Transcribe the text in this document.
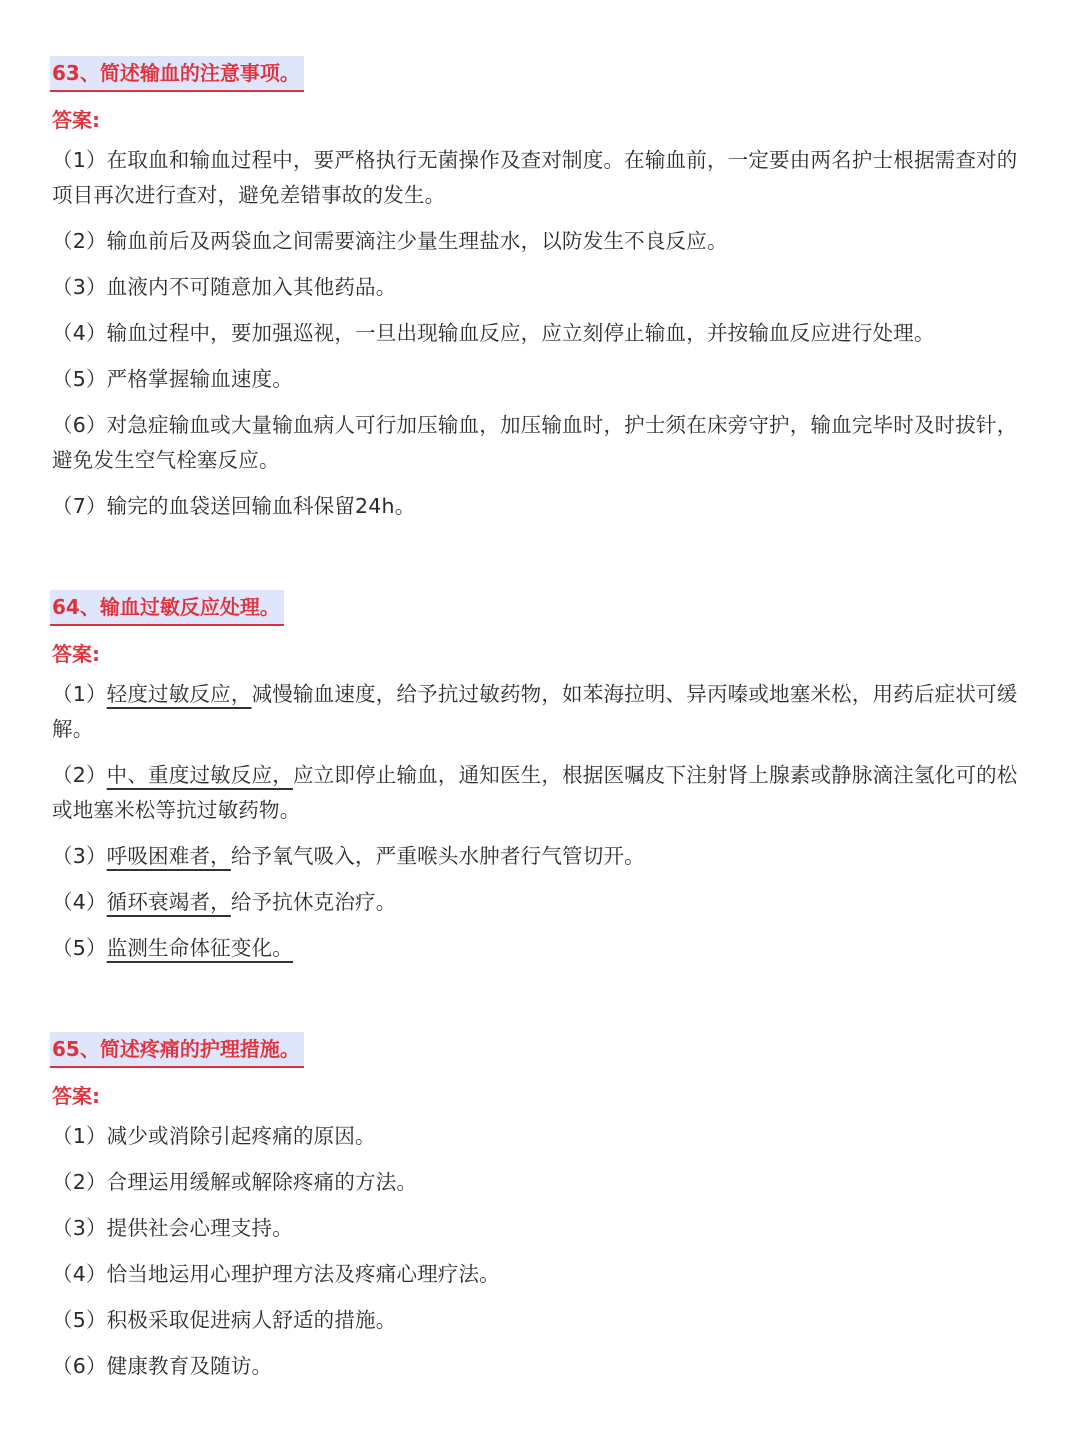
63、简述输血的注意事项。
答案:
（1）在取血和输血过程中，要严格执行无菌操作及查对制度。在输血前，一定要由两名护士根据需查对的项目再次进行查对，避免差错事故的发生。
（2）输血前后及两袋血之间需要滴注少量生理盐水，以防发生不良反应。
（3）血液内不可随意加入其他药品。
（4）输血过程中，要加强巡视，一旦出现输血反应，应立刻停止输血，并按输血反应进行处理。
（5）严格掌握输血速度。
（6）对急症输血或大量输血病人可行加压输血，加压输血时，护士须在床旁守护，输血完毕时及时拔针，避免发生空气栓塞反应。
（7）输完的血袋送回输血科保留24h。
64、输血过敏反应处理。
答案:
（1）轻度过敏反应，减慢输血速度，给予抗过敏药物，如苯海拉明、异丙嗪或地塞米松，用药后症状可缓解。
（2）中、重度过敏反应，应立即停止输血，通知医生，根据医嘱皮下注射肾上腺素或静脉滴注氢化可的松或地塞米松等抗过敏药物。
（3）呼吸困难者，给予氧气吸入，严重喉头水肿者行气管切开。
（4）循环衰竭者，给予抗休克治疗。
（5）监测生命体征变化。
65、简述疼痛的护理措施。
答案:
（1）减少或消除引起疼痛的原因。
（2）合理运用缓解或解除疼痛的方法。
（3）提供社会心理支持。
（4）恰当地运用心理护理方法及疼痛心理疗法。
（5）积极采取促进病人舒适的措施。
（6）健康教育及随访。
